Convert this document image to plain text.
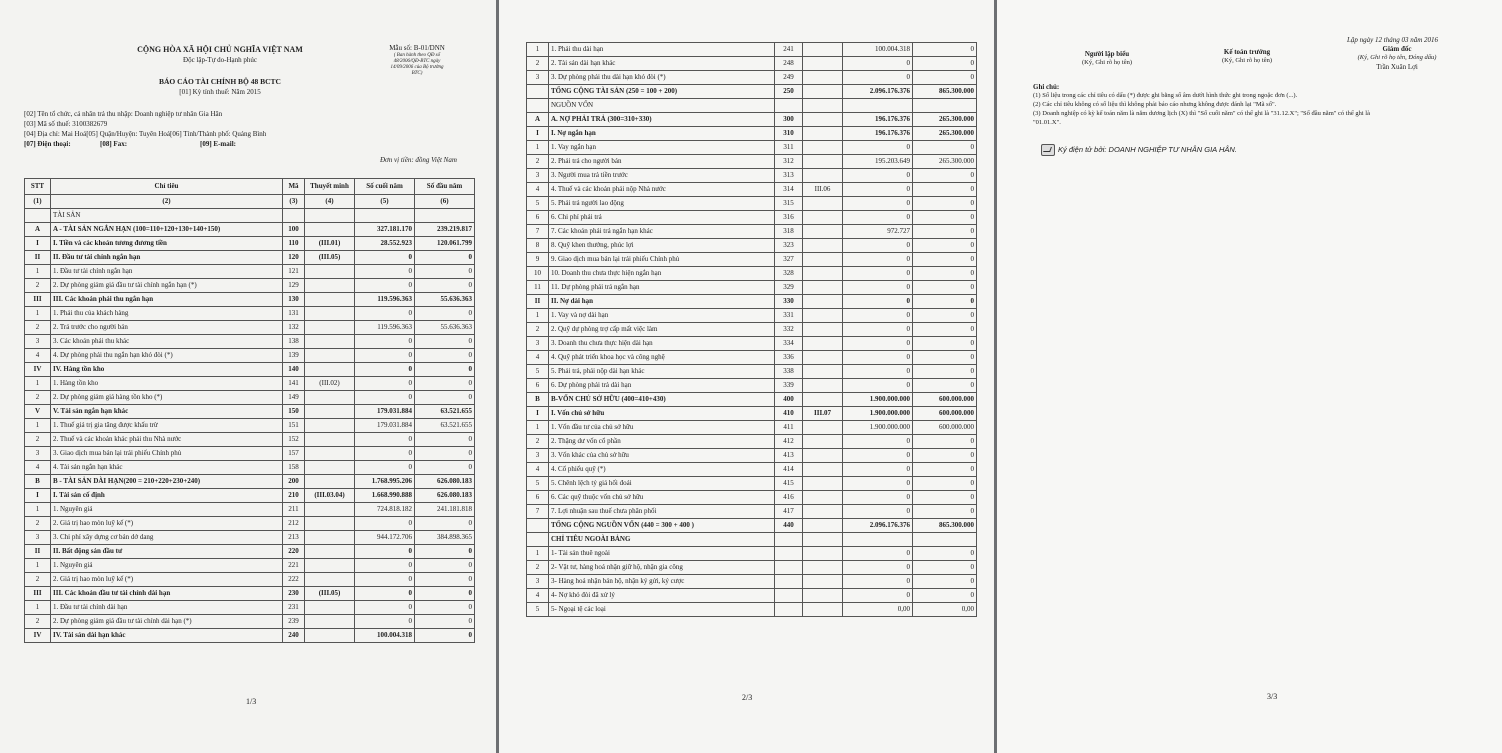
CỘNG HÒA XÃ HỘI CHỦ NGHĨA VIỆT NAM
Độc lập-Tự do-Hạnh phúc
Mẫu số: B-01/DNN
( Ban hành theo QĐ số
48/2006/QĐ-BTC ngày
14/09/2006 của Bộ trưởng
BTC)
BÁO CÁO TÀI CHÍNH BỘ 48 BCTC
[01] Kỳ tính thuế: Năm 2015
[02] Tên tổ chức, cá nhân trả thu nhập: Doanh nghiệp tư nhân Gia Hân
[03] Mã số thuế: 3100382679
[04] Địa chỉ: Mai Hoá[05] Quận/Huyện: Tuyên Hoá[06] Tỉnh/Thành phố: Quảng Bình
[07] Điện thoại:	[08] Fax:	[09] E-mail:
Đơn vị tiền: đồng Việt Nam
STT	Chỉ tiêu	Mã	Thuyết minh	Số cuối năm	Số đầu năm
(1)	(2)	(3)	(4)	(5)	(6)
	TÀI SẢN				
A	A - TÀI SẢN NGẮN HẠN (100=110+120+130+140+150)	100		327.181.170	239.219.817
I	I. Tiền và các khoản tương đương tiền	110	(III.01)	28.552.923	120.061.799
II	II. Đầu tư tài chính ngắn hạn	120	(III.05)	0	0
1	1. Đầu tư tài chính ngắn hạn	121		0	0
2	2. Dự phòng giảm giá đầu tư tài chính ngắn hạn (*)	129		0	0
III	III. Các khoản phải thu ngắn hạn	130		119.596.363	55.636.363
1	1. Phải thu của khách hàng	131		0	0
2	2. Trả trước cho người bán	132		119.596.363	55.636.363
3	3. Các khoản phải thu khác	138		0	0
4	4. Dự phòng phải thu ngắn hạn khó đòi (*)	139		0	0
IV	IV. Hàng tồn kho	140		0	0
1	1. Hàng tồn kho	141	(III.02)	0	0
2	2. Dự phòng giảm giá hàng tồn kho (*)	149		0	0
V	V. Tài sản ngắn hạn khác	150		179.031.884	63.521.655
1	1. Thuế giá trị gia tăng được khấu trừ	151		179.031.884	63.521.655
2	2. Thuế và các khoản khác phải thu Nhà nước	152		0	0
3	3. Giao dịch mua bán lại trái phiếu Chính phủ	157		0	0
4	4. Tài sản ngắn hạn khác	158		0	0
B	B - TÀI SẢN DÀI HẠN(200 = 210+220+230+240)	200		1.768.995.206	626.080.183
I	I. Tài sản cố định	210	(III.03.04)	1.668.990.888	626.080.183
1	1. Nguyên giá	211		724.818.182	241.181.818
2	2. Giá trị hao mòn luỹ kế (*)	212		0	0
3	3. Chi phí xây dựng cơ bản dở dang	213		944.172.706	384.898.365
II	II. Bất động sản đầu tư	220		0	0
1	1. Nguyên giá	221		0	0
2	2. Giá trị hao mòn luỹ kế (*)	222		0	0
III	III. Các khoản đầu tư tài chính dài hạn	230	(III.05)	0	0
1	1. Đầu tư tài chính dài hạn	231		0	0
2	2. Dự phòng giảm giá đầu tư tài chính dài hạn (*)	239		0	0
IV	IV. Tài sản dài hạn khác	240		100.004.318	0
1/3
1	1. Phải thu dài hạn	241		100.004.318	0
2	2. Tài sản dài hạn khác	248		0	0
3	3. Dự phòng phải thu dài hạn khó đòi (*)	249		0	0
	TỔNG CỘNG TÀI SẢN (250 = 100 + 200)	250		2.096.176.376	865.300.000
	NGUỒN VỐN				
A	A. NỢ PHẢI TRẢ (300=310+330)	300		196.176.376	265.300.000
I	I. Nợ ngắn hạn	310		196.176.376	265.300.000
1	1. Vay ngắn hạn	311		0	0
2	2. Phải trả cho người bán	312		195.203.649	265.300.000
3	3. Người mua trả tiền trước	313		0	0
4	4. Thuế và các khoản phải nộp Nhà nước	314	III.06	0	0
5	5. Phải trả người lao động	315		0	0
6	6. Chi phí phải trả	316		0	0
7	7. Các khoản phải trả ngắn hạn khác	318		972.727	0
8	8. Quỹ khen thưởng, phúc lợi	323		0	0
9	9. Giao dịch mua bán lại trái phiếu Chính phủ	327		0	0
10	10. Doanh thu chưa thực hiện ngắn hạn	328		0	0
11	11. Dự phòng phải trả ngắn hạn	329		0	0
II	II. Nợ dài hạn	330		0	0
1	1. Vay và nợ dài hạn	331		0	0
2	2. Quỹ dự phòng trợ cấp mất việc làm	332		0	0
3	3. Doanh thu chưa thực hiện dài hạn	334		0	0
4	4. Quỹ phát triển khoa học và công nghệ	336		0	0
5	5. Phải trả, phải nộp dài hạn khác	338		0	0
6	6. Dự phòng phải trả dài hạn	339		0	0
B	B-VỐN CHỦ SỞ HỮU (400=410+430)	400		1.900.000.000	600.000.000
I	I. Vốn chủ sở hữu	410	III.07	1.900.000.000	600.000.000
1	1. Vốn đầu tư của chủ sở hữu	411		1.900.000.000	600.000.000
2	2. Thặng dư vốn cổ phần	412		0	0
3	3. Vốn khác của chủ sở hữu	413		0	0
4	4. Cổ phiếu quỹ (*)	414		0	0
5	5. Chênh lệch tỷ giá hối đoái	415		0	0
6	6. Các quỹ thuộc vốn chủ sở hữu	416		0	0
7	7. Lợi nhuận sau thuế chưa phân phối	417		0	0
	TỔNG CỘNG NGUỒN VỐN (440 = 300 + 400 )	440		2.096.176.376	865.300.000
	CHỈ TIÊU NGOÀI BẢNG				
1	1- Tài sản thuê ngoài			0	0
2	2- Vật tư, hàng hoá nhận giữ hộ, nhận gia công			0	0
3	3- Hàng hoá nhận bán hộ, nhận ký gửi, ký cược			0	0
4	4- Nợ khó đòi đã xử lý			0	0
5	5- Ngoại tệ các loại			0,00	0,00
2/3
Lập ngày 12 tháng 03 năm 2016
Người lập biểu
(Ký, Ghi rõ họ tên)
Kế toán trưởng
(Ký, Ghi rõ họ tên)
Giám đốc
(Ký, Ghi rõ họ tên, Đóng dấu)
Trần Xuân Lợi
Ghi chú:
(1) Số liệu trong các chỉ tiêu có dấu (*) được ghi bằng số âm dưới hình thức ghi trong ngoặc đơn (...).
(2) Các chỉ tiêu không có số liệu thì không phải báo cáo nhưng không được đánh lại "Mã số".
(3) Doanh nghiệp có kỳ kế toán năm là năm dương lịch (X) thì "Số cuối năm" có thể ghi là "31.12.X"; "Số đầu năm" có thể ghi là
"01.01.X".
Ký điện tử bởi: DOANH NGHIỆP TƯ NHÂN GIA HÂN.
3/3
